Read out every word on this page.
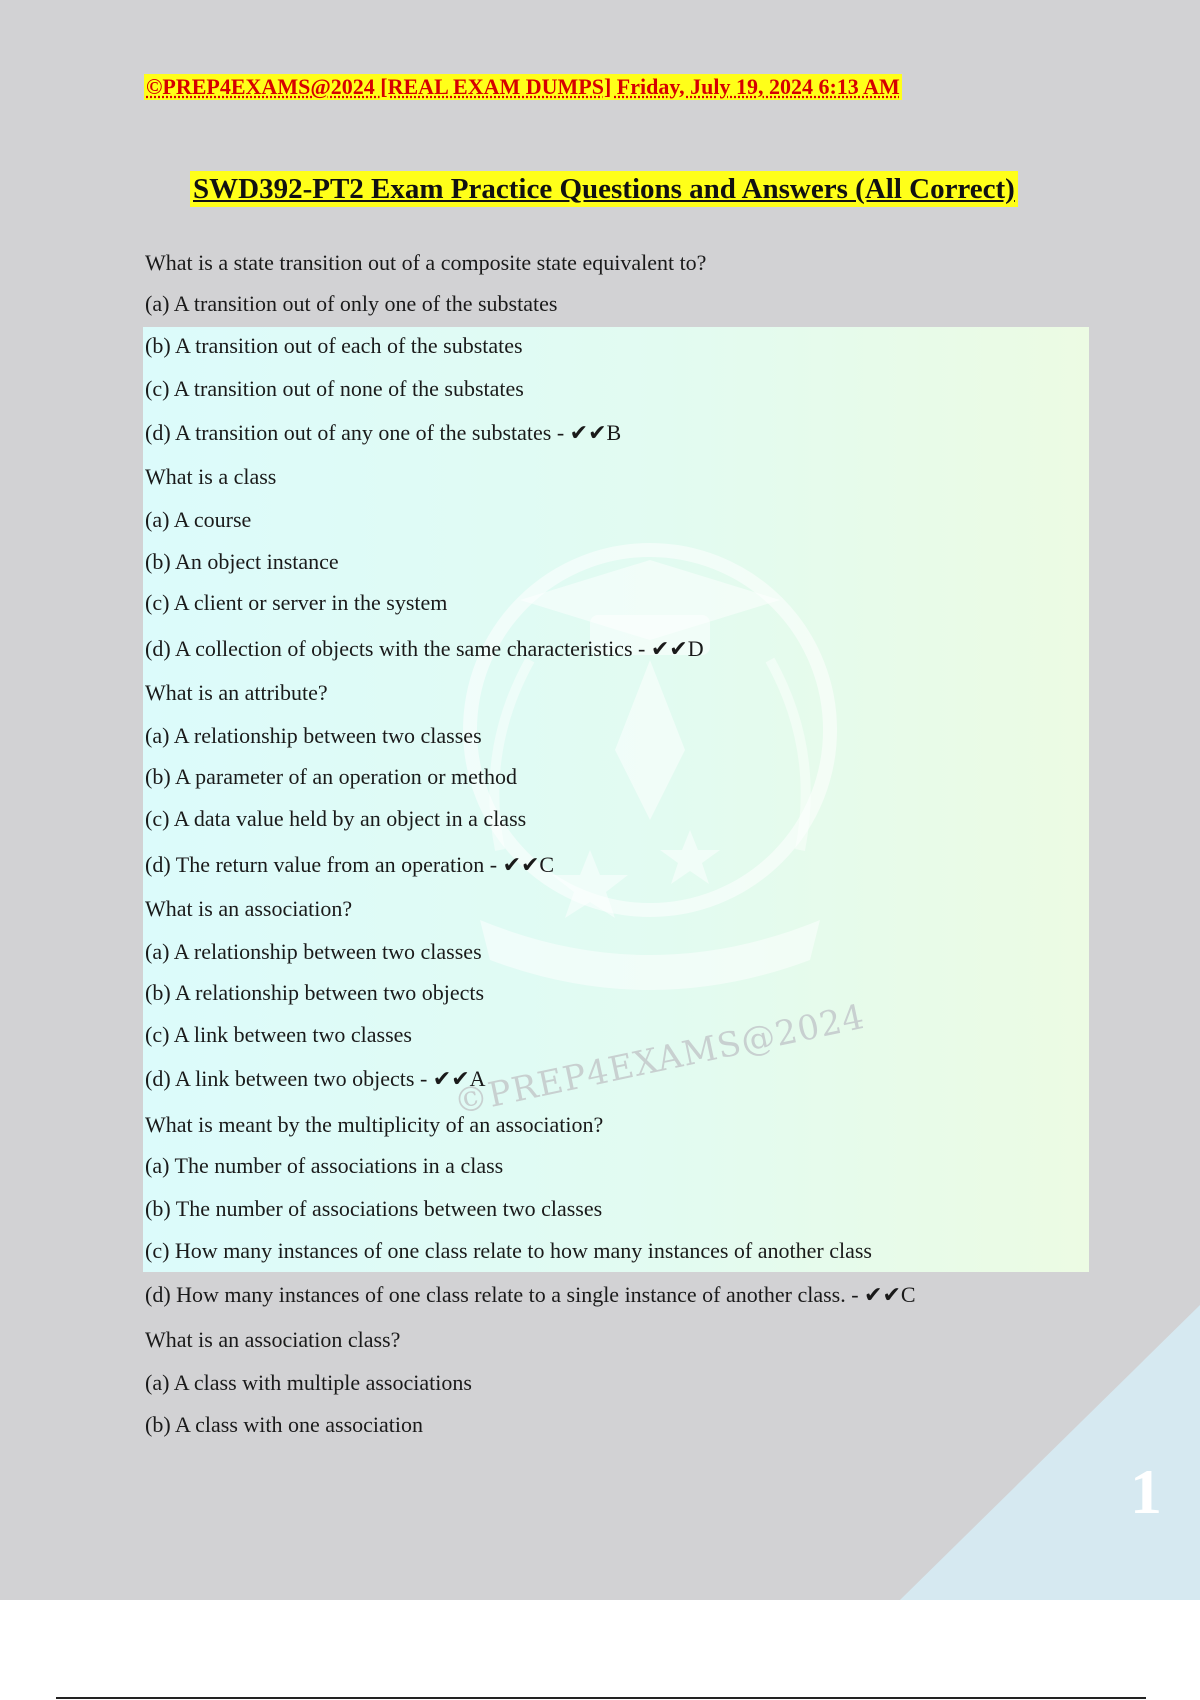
©PREP4EXAMS@2024
©PREP4EXAMS@2024 [REAL EXAM DUMPS] Friday, July 19, 2024 6:13 AM
SWD392-PT2 Exam Practice Questions and Answers (All Correct)
What is a state transition out of a composite state equivalent to?
(a) A transition out of only one of the substates
(b) A transition out of each of the substates
(c) A transition out of none of the substates
(d) A transition out of any one of the substates - ✔✔B
What is a class
(a) A course
(b) An object instance
(c) A client or server in the system
(d) A collection of objects with the same characteristics - ✔✔D
What is an attribute?
(a) A relationship between two classes
(b) A parameter of an operation or method
(c) A data value held by an object in a class
(d) The return value from an operation - ✔✔C
What is an association?
(a) A relationship between two classes
(b) A relationship between two objects
(c) A link between two classes
(d) A link between two objects - ✔✔A
What is meant by the multiplicity of an association?
(a) The number of associations in a class
(b) The number of associations between two classes
(c) How many instances of one class relate to how many instances of another class
(d) How many instances of one class relate to a single instance of another class. - ✔✔C
What is an association class?
(a) A class with multiple associations
(b) A class with one association
1
